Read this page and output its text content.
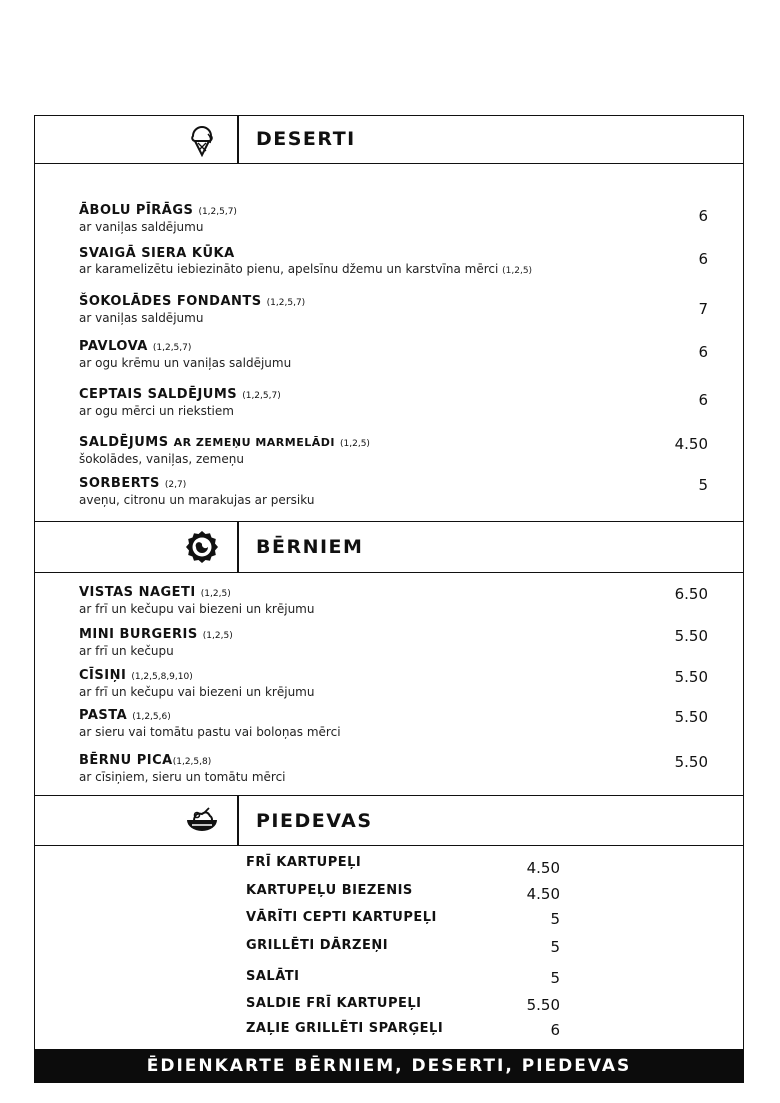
DESERTI
ĀBOLU PĪRĀGS (1,2,5,7)
ar vaniļas saldējumu
6
SVAIGĀ SIERA KŪKA
ar karamelizētu iebiezināto pienu, apelsīnu džemu un karstvīna mērci (1,2,5)
6
ŠOKOLĀDES FONDANTS (1,2,5,7)
ar vaniļas saldējumu	7
PAVLOVA (1,2,5,7)
ar ogu krēmu un vaniļas saldējumu
6
CEPTAIS SALDĒJUMS (1,2,5,7)
ar ogu mērci un riekstiem
6
SALDĒJUMS AR ZEMEŅU MARMELĀDI (1,2,5)
šokolādes, vaniļas, zemeņu
4.50
SORBERTS (2,7)
aveņu, citronu un marakujas ar persiku
5
BĒRNIEM
VISTAS NAGETI (1,2,5)
ar frī un kečupu vai biezeni un krējumu
6.50
MINI BURGERIS (1,2,5)
ar frī un kečupu
5.50
CĪSIŅI (1,2,5,8,9,10)
ar frī un kečupu vai biezeni un krējumu
5.50
PASTA (1,2,5,6)
ar sieru vai tomātu pastu vai boloņas mērci
5.50
BĒRNU PICA(1,2,5,8)
ar cīsiņiem, sieru un tomātu mērci
5.50
PIEDEVAS
FRĪ KARTUPEĻI	4.50
KARTUPEĻU BIEZENIS	4.50
VĀRĪTI CEPTI KARTUPEĻI	5
GRILLĒTI DĀRZEŅI	5
SALĀTI	5
SALDIE FRĪ KARTUPEĻI	5.50
ZAĻIE GRILLĒTI SPARĢEĻI	6
ĒDIENKARTE BĒRNIEM, DESERTI, PIEDEVAS
